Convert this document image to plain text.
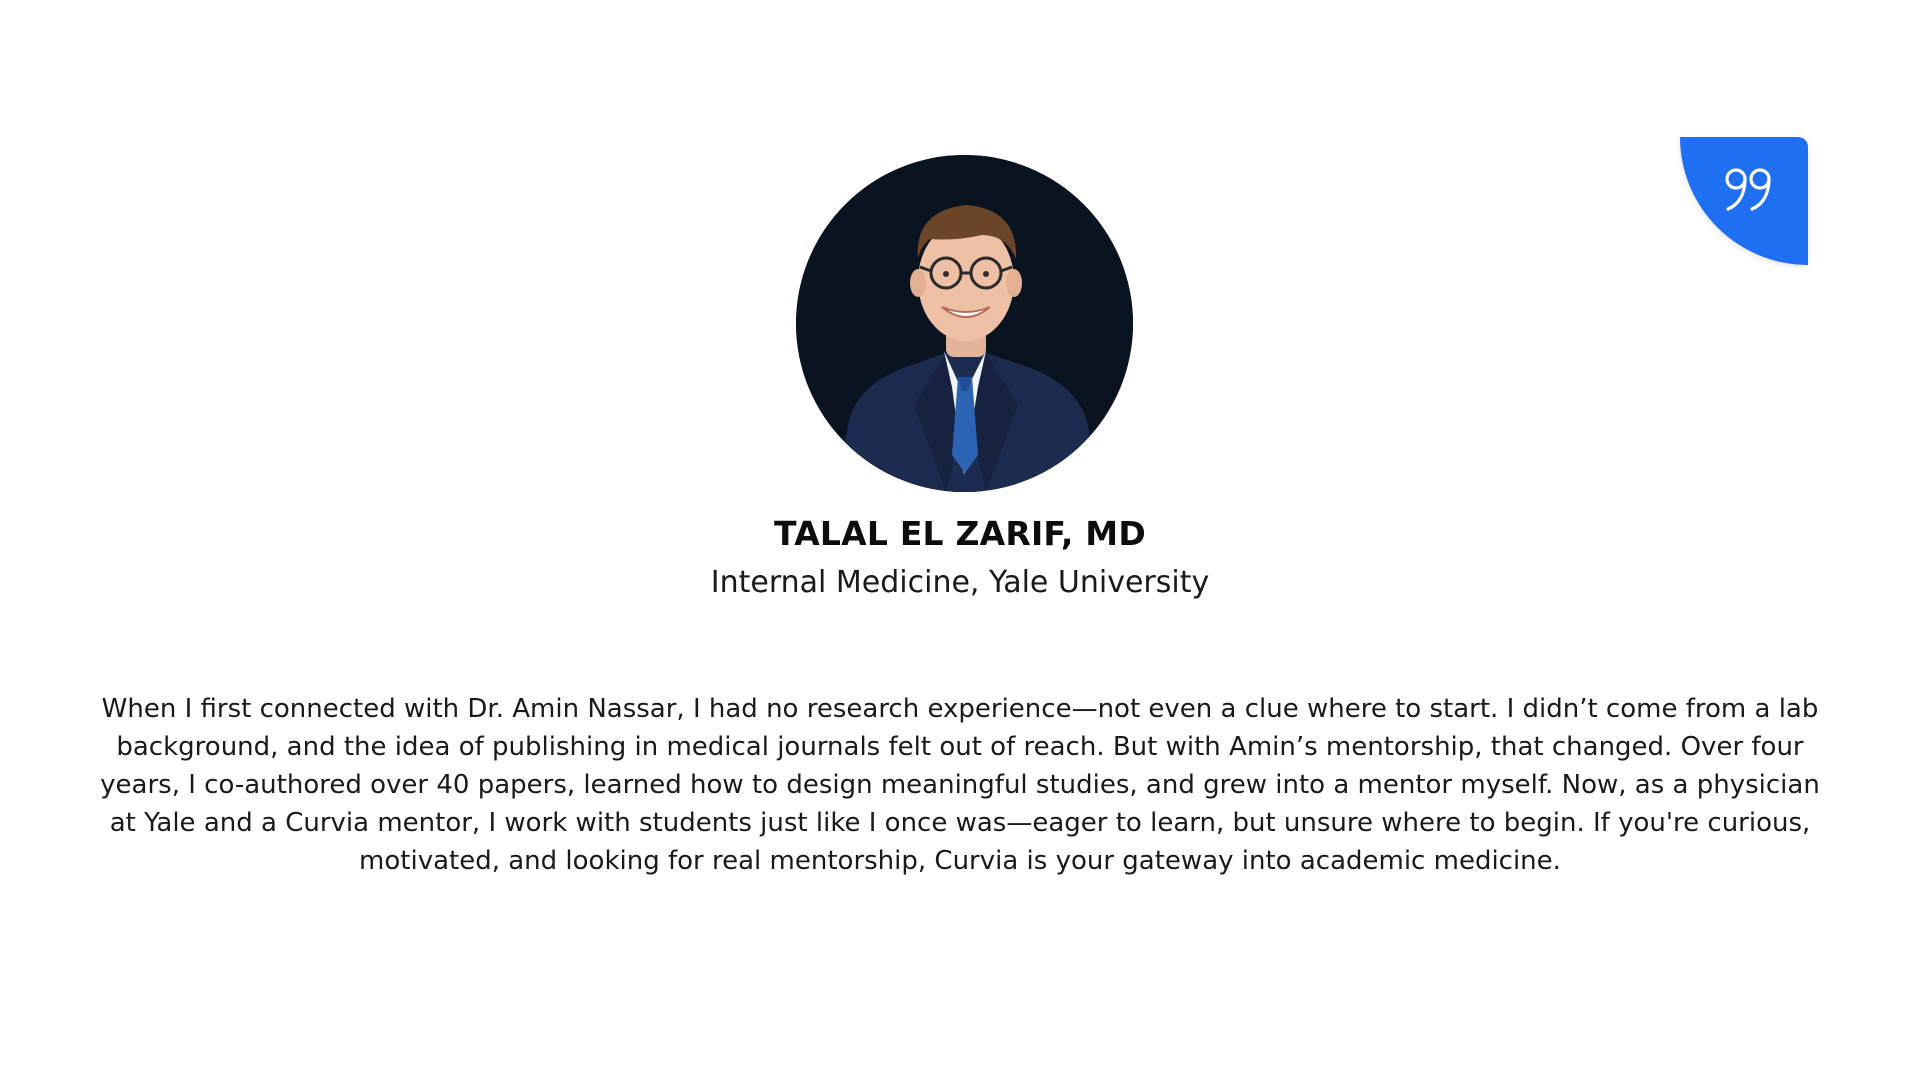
TALAL EL ZARIF, MD
Internal Medicine, Yale University

When I first connected with Dr. Amin Nassar, I had no research experience—not even a clue where to start. I didn’t come from a lab background, and the idea of publishing in medical journals felt out of reach. But with Amin’s mentorship, that changed. Over four years, I co-authored over 40 papers, learned how to design meaningful studies, and grew into a mentor myself. Now, as a physician at Yale and a Curvia mentor, I work with students just like I once was—eager to learn, but unsure where to begin. If you're curious, motivated, and looking for real mentorship, Curvia is your gateway into academic medicine.
